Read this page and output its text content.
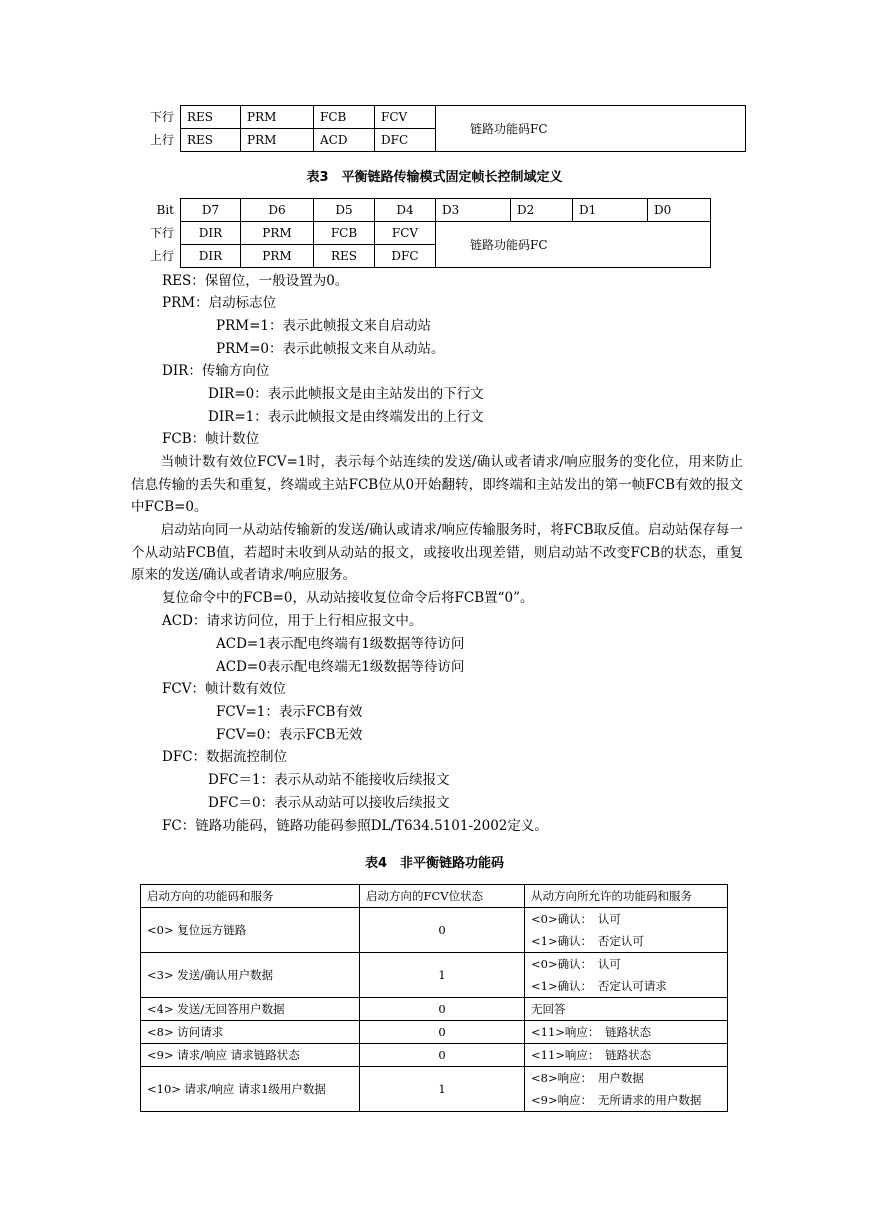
下行	RES	PRM	FCB	FCV	链路功能码FC
上行	RES	PRM	ACD	DFC	
表3　平衡链路传输模式固定帧长控制域定义
Bit	D7	D6	D5	D4	D3	D2	D1	D0
下行	DIR	PRM	FCB	FCV	链路功能码FC			
上行	DIR	PRM	RES	DFC				
RES：保留位，一般设置为0。
PRM：启动标志位
PRM=1：表示此帧报文来自启动站
PRM=0：表示此帧报文来自从动站。
DIR：传输方向位
DIR=0：表示此帧报文是由主站发出的下行文
DIR=1：表示此帧报文是由终端发出的上行文
FCB：帧计数位
当帧计数有效位FCV=1时，表示每个站连续的发送/确认或者请求/响应服务的变化位，用来防止信息传输的丢失和重复，终端或主站FCB位从0开始翻转，即终端和主站发出的第一帧FCB有效的报文中FCB=0。
启动站向同一从动站传输新的发送/确认或请求/响应传输服务时，将FCB取反值。启动站保存每一个从动站FCB值，若超时未收到从动站的报文，或接收出现差错，则启动站不改变FCB的状态，重复原来的发送/确认或者请求/响应服务。
复位命令中的FCB=0，从动站接收复位命令后将FCB置“0”。
ACD：请求访问位，用于上行相应报文中。
ACD=1表示配电终端有1级数据等待访问
ACD=0表示配电终端无1级数据等待访问
FCV：帧计数有效位
FCV=1：表示FCB有效
FCV=0：表示FCB无效
DFC：数据流控制位
DFC＝1：表示从动站不能接收后续报文
DFC＝0：表示从动站可以接收后续报文
FC：链路功能码，链路功能码参照DL/T634.5101-2002定义。
表4　非平衡链路功能码
启动方向的功能码和服务	启动方向的FCV位状态	从动方向所允许的功能码和服务
<0> 复位远方链路	0	<0>确认：　认可
		<1>确认：　否定认可
<3> 发送/确认用户数据	1	<0>确认：　认可
		<1>确认：　否定认可请求
<4> 发送/无回答用户数据	0	无回答
<8> 访问请求	0	<11>响应：　链路状态
<9> 请求/响应 请求链路状态	0	<11>响应：　链路状态
<10> 请求/响应 请求1级用户数据	1	<8>响应：　用户数据
		<9>响应：　无所请求的用户数据
